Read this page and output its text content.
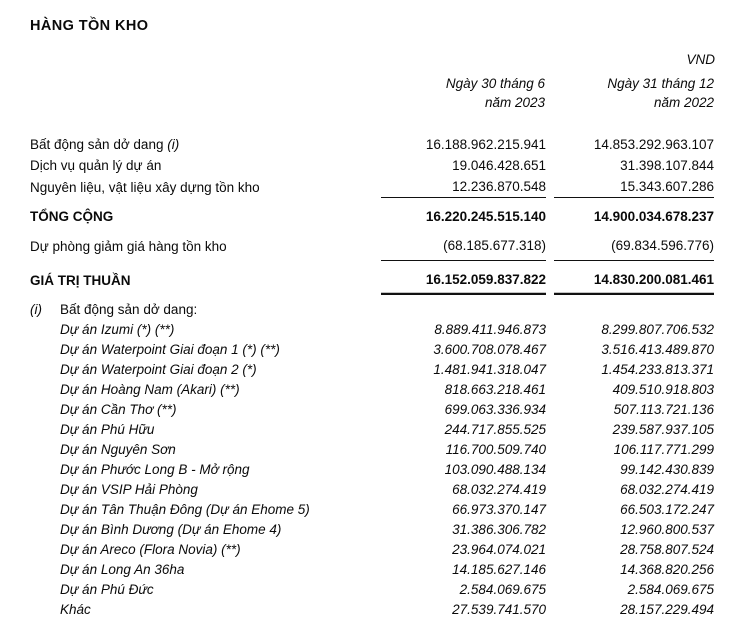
HÀNG TỒN KHO
VND
Ngày 30 tháng 6
năm 2023
Ngày 31 tháng 12
năm 2022
Bất động sản dở dang (i)		16.188.962.215.941		14.853.292.963.107
Dịch vụ quản lý dự án		19.046.428.651		31.398.107.844
Nguyên liệu, vật liệu xây dựng tồn kho		12.236.870.548		15.343.607.286
TỔNG CỘNG		16.220.245.515.140		14.900.034.678.237
Dự phòng giảm giá hàng tồn kho		(68.185.677.318)		(69.834.596.776)
GIÁ TRỊ THUẦN		16.152.059.837.822		14.830.200.081.461
(i)	Bất động sản dở dang:
Dự án Izumi (*) (**)		8.889.411.946.873		8.299.807.706.532
Dự án Waterpoint Giai đoạn 1 (*) (**)		3.600.708.078.467		3.516.413.489.870
Dự án Waterpoint Giai đoạn 2 (*)		1.481.941.318.047		1.454.233.813.371
Dự án Hoàng Nam (Akari) (**)		818.663.218.461		409.510.918.803
Dự án Cần Thơ (**)		699.063.336.934		507.113.721.136
Dự án Phú Hữu		244.717.855.525		239.587.937.105
Dự án Nguyên Sơn		116.700.509.740		106.117.771.299
Dự án Phước Long B - Mở rộng		103.090.488.134		99.142.430.839
Dự án VSIP Hải Phòng		68.032.274.419		68.032.274.419
Dự án Tân Thuận Đông (Dự án Ehome 5)		66.973.370.147		66.503.172.247
Dự án Bình Dương (Dự án Ehome 4)		31.386.306.782		12.960.800.537
Dự án Areco (Flora Novia) (**)		23.964.074.021		28.758.807.524
Dự án Long An 36ha		14.185.627.146		14.368.820.256
Dự án Phú Đức		2.584.069.675		2.584.069.675
Khác		27.539.741.570		28.157.229.494
